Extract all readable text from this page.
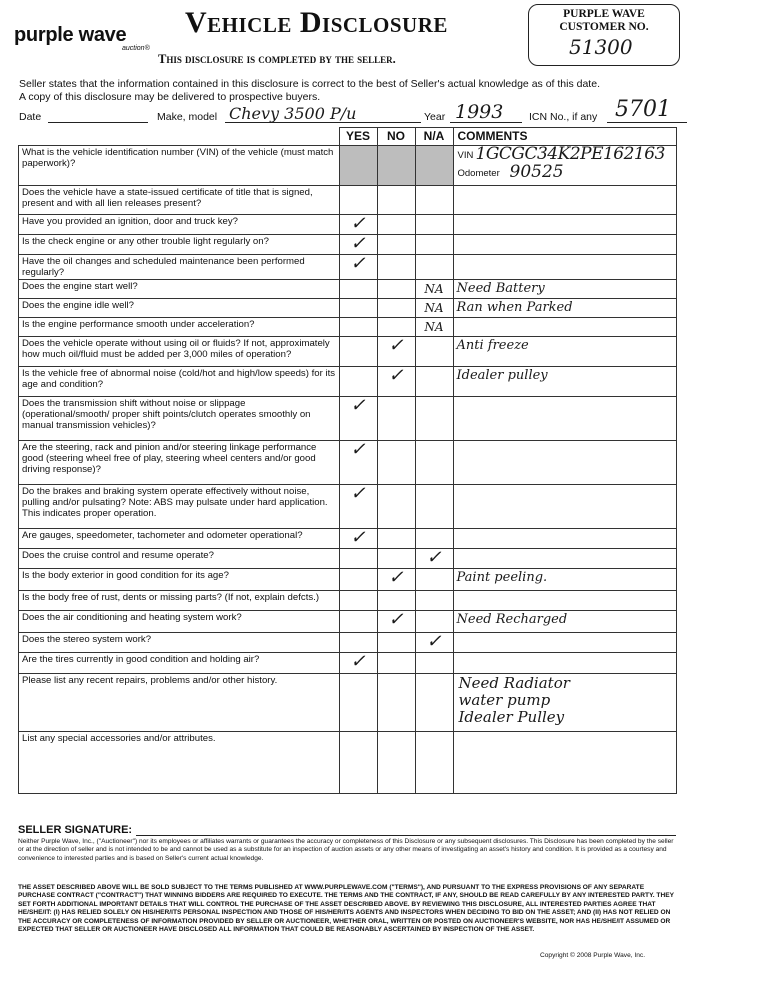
purple wave
auction®
Vehicle Disclosure
This disclosure is completed by the seller.
PURPLE WAVE
CUSTOMER NO.
51300
Seller states that the information contained in this disclosure is correct to the best of Seller's actual knowledge as of this date.
A copy of this disclosure may be delivered to prospective buyers.
Date	Make, model Chevy 3500 P/u	Year 1993 ICN No., if any 5701
	YES	NO	N/A	COMMENTS
What is the vehicle identification number (VIN) of the vehicle (must match paperwork)?				VIN 1GCGC34K2PE162163
Odometer 90525

Does the vehicle have a state-issued certificate of title that is signed, present and with all lien releases present?				
Have you provided an ignition, door and truck key?	✓			
Is the check engine or any other trouble light regularly on?	✓			
Have the oil changes and scheduled maintenance been performed regularly?	✓			
Does the engine start well?			NA	Need Battery
Does the engine idle well?			NA	Ran when Parked
Is the engine performance smooth under acceleration?			NA	
Does the vehicle operate without using oil or fluids? If not, approximately how much oil/fluid must be added per 3,000 miles of operation?		✓		Anti freeze
Is the vehicle free of abnormal noise (cold/hot and high/low speeds) for its age and condition?		✓		Idealer pulley
Does the transmission shift without noise or slippage (operational/smooth/ proper shift points/clutch operates smoothly on manual transmission vehicles)?	✓			
Are the steering, rack and pinion and/or steering linkage performance good (steering wheel free of play, steering wheel centers and/or good driving response)?	✓			
Do the brakes and braking system operate effectively without noise, pulling and/or pulsating? Note: ABS may pulsate under hard application. This indicates proper operation.	✓			
Are gauges, speedometer, tachometer and odometer operational?	✓			
Does the cruise control and resume operate?			✓	
Is the body exterior in good condition for its age?		✓		Paint peeling.
Is the body free of rust, dents or missing parts? (If not, explain defcts.)				
Does the air conditioning and heating system work?		✓		Need Recharged
Does the stereo system work?			✓	
Are the tires currently in good condition and holding air?	✓			
Please list any recent repairs, problems and/or other history.				Need Radiator
water pump
Idealer Pulley

List any special accessories and/or attributes.				
SELLER SIGNATURE:
Neither Purple Wave, Inc., ("Auctioneer") nor its employees or affiliates warrants or guarantees the accuracy or completeness of this Disclosure or any subsequent disclosures. This Disclosure has been completed by the seller or at the direction of seller and is not intended to be and cannot be used as a substitute for an inspection of auction assets or any other means of investigating an asset's history and condition. It is provided as a courtesy and convenience to interested parties and is based on Seller's current actual knowledge.
THE ASSET DESCRIBED ABOVE WILL BE SOLD SUBJECT TO THE TERMS PUBLISHED AT WWW.PURPLEWAVE.COM ("TERMS"), AND PURSUANT TO THE EXPRESS PROVISIONS OF ANY SEPARATE PURCHASE CONTRACT ("CONTRACT") THAT WINNING BIDDERS ARE REQUIRED TO EXECUTE. THE TERMS AND THE CONTRACT, IF ANY, SHOULD BE READ CAREFULLY BY ANY INTERESTED PARTY. THEY SET FORTH ADDITIONAL IMPORTANT DETAILS THAT WILL CONTROL THE PURCHASE OF THE ASSET DESCRIBED ABOVE. BY REVIEWING THIS DISCLOSURE, ALL INTERESTED PARTIES AGREE THAT HE/SHE/IT: (I) HAS RELIED SOLELY ON HIS/HER/ITS PERSONAL INSPECTION AND THOSE OF HIS/HER/ITS AGENTS AND INSPECTORS WHEN DECIDING TO BID ON THE ASSET; AND (II) HAS NOT RELIED ON THE ACCURACY OR COMPLETENESS OF INFORMATION PROVIDED BY SELLER OR AUCTIONEER, WHETHER ORAL, WRITTEN OR POSTED ON AUCTIONEER'S WEBSITE, NOR HAS HE/SHE/IT ASSUMED OR EXPECTED THAT SELLER OR AUCTIONEER HAVE DISCLOSED ALL INFORMATION THAT COULD BE REASONABLY ASCERTAINED BY INSPECTION OF THE ASSET.
Copyright © 2008 Purple Wave, Inc.
